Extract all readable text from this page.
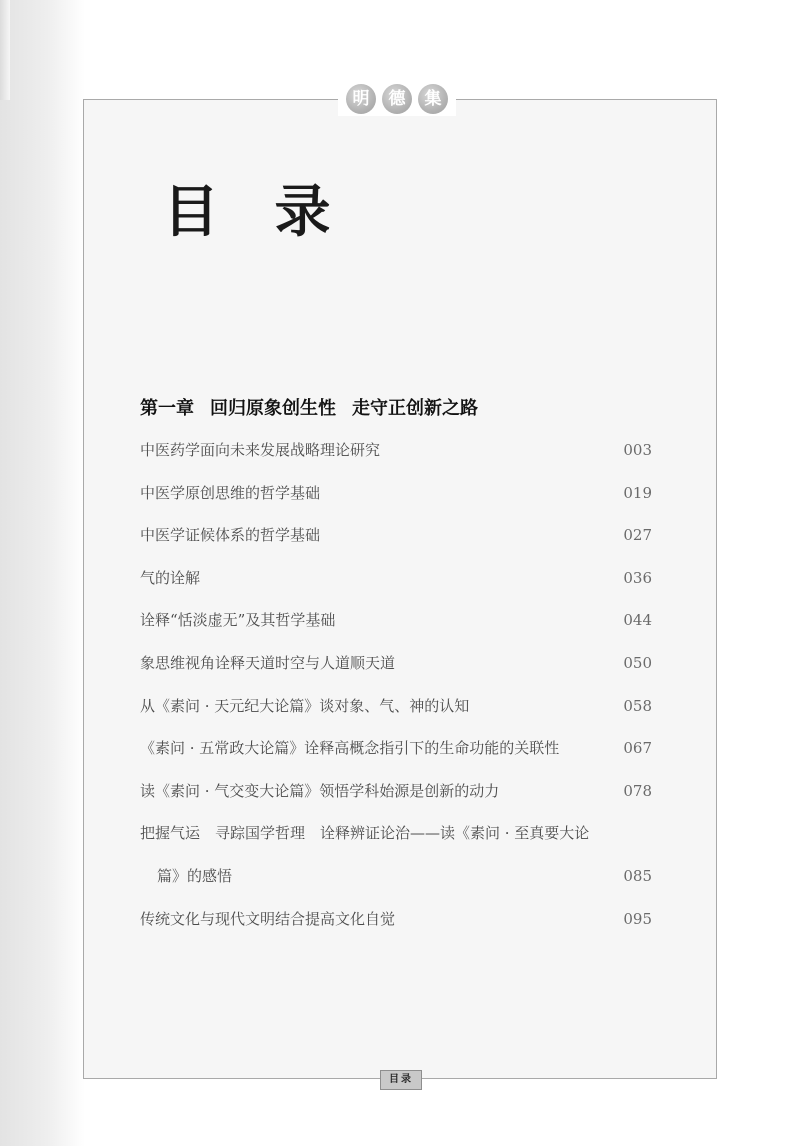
明	德	集
目 录
第一章 回归原象创生性 走守正创新之路
中医药学面向未来发展战略理论研究	003
中医学原创思维的哲学基础	019
中医学证候体系的哲学基础	027
气的诠解	036
诠释“恬淡虚无”及其哲学基础	044
象思维视角诠释天道时空与人道顺天道	050
从《素问 · 天元纪大论篇》谈对象、气、神的认知	058
《素问 · 五常政大论篇》诠释高概念指引下的生命功能的关联性	067
读《素问 · 气交变大论篇》领悟学科始源是创新的动力	078
把握气运　寻踪国学哲理　诠释辨证论治——读《素问 · 至真要大论
篇》的感悟	085
传统文化与现代文明结合提高文化自觉	095
目录
